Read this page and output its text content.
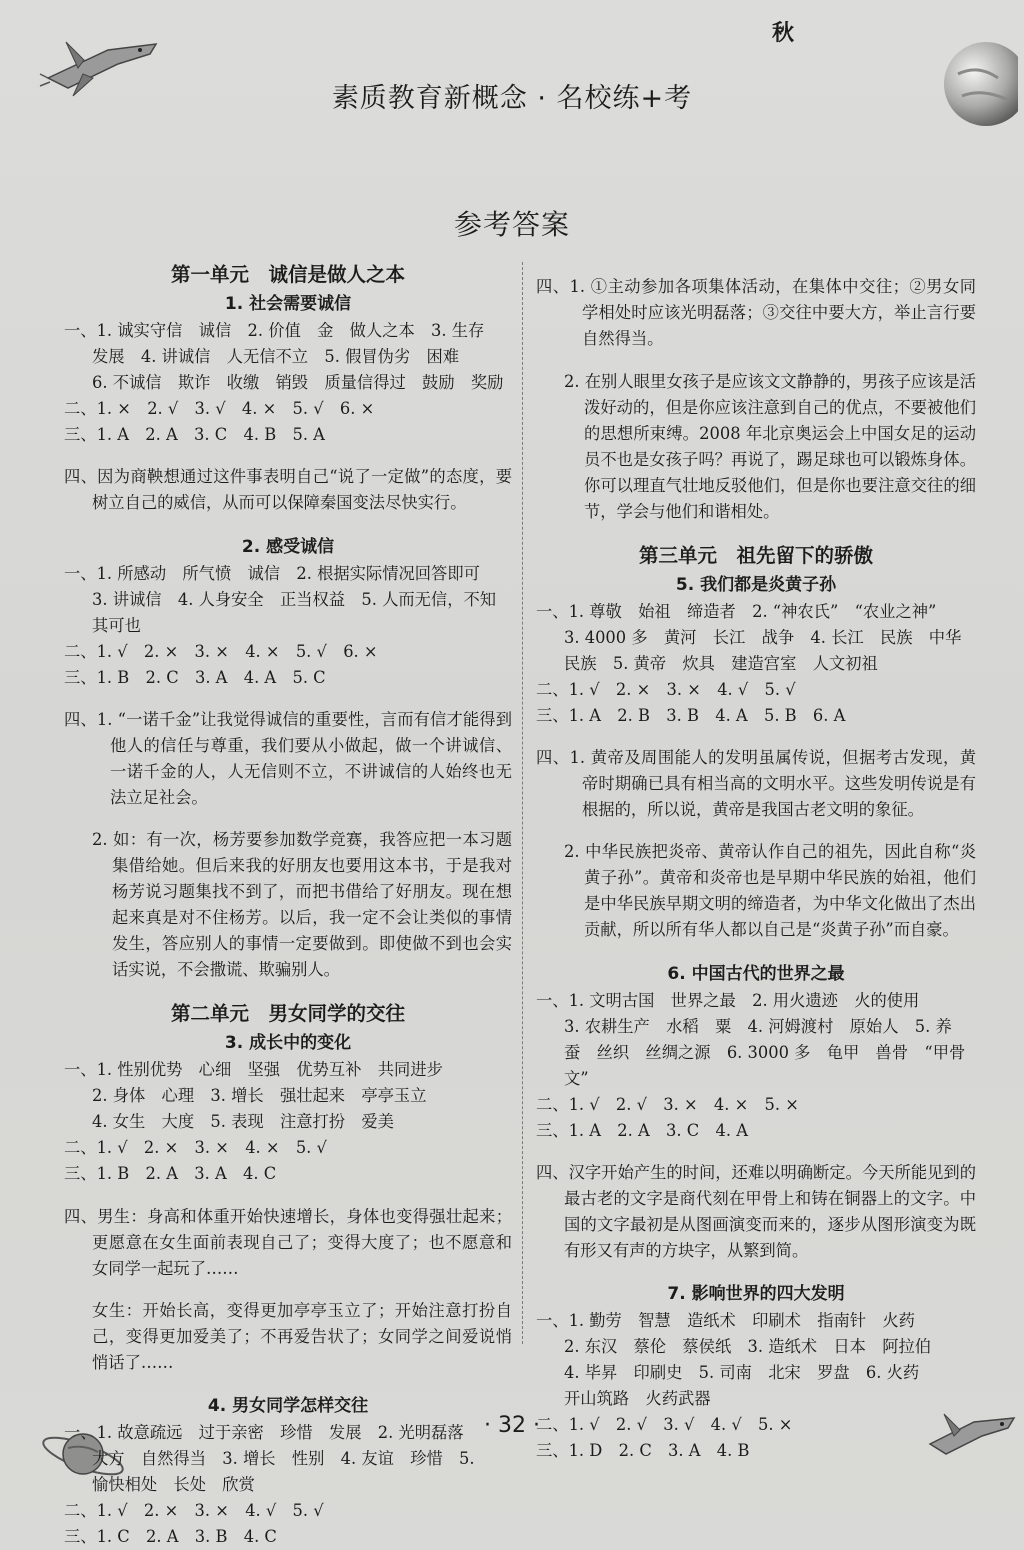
秋
素质教育新概念 · 名校练+考
参考答案

第一单元　诚信是做人之本

1. 社会需要诚信

一、1. 诚实守信　诚信　2. 价值　金　做人之本　3. 生存

发展　4. 讲诚信　人无信不立　5. 假冒伪劣　困难

6. 不诚信　欺诈　收缴　销毁　质量信得过　鼓励　奖励

二、1. ×　2. √　3. √　4. ×　5. √　6. ×

三、1. A　2. A　3. C　4. B　5. A

四、因为商鞅想通过这件事表明自己“说了一定做”的态度，要树立自己的威信，从而可以保障秦国变法尽快实行。

2. 感受诚信

一、1. 所感动　所气愤　诚信　2. 根据实际情况回答即可

3. 讲诚信　4. 人身安全　正当权益　5. 人而无信，不知

其可也

二、1. √　2. ×　3. ×　4. ×　5. √　6. ×

三、1. B　2. C　3. A　4. A　5. C

四、1. “一诺千金”让我觉得诚信的重要性，言而有信才能得到他人的信任与尊重，我们要从小做起，做一个讲诚信、一诺千金的人，人无信则不立，不讲诚信的人始终也无法立足社会。

2. 如：有一次，杨芳要参加数学竞赛，我答应把一本习题集借给她。但后来我的好朋友也要用这本书，于是我对杨芳说习题集找不到了，而把书借给了好朋友。现在想起来真是对不住杨芳。以后，我一定不会让类似的事情发生，答应别人的事情一定要做到。即使做不到也会实话实说，不会撒谎、欺骗别人。

第二单元　男女同学的交往

3. 成长中的变化

一、1. 性别优势　心细　坚强　优势互补　共同进步

2. 身体　心理　3. 增长　强壮起来　亭亭玉立

4. 女生　大度　5. 表现　注意打扮　爱美

二、1. √　2. ×　3. ×　4. ×　5. √

三、1. B　2. A　3. A　4. C

四、男生：身高和体重开始快速增长，身体也变得强壮起来；更愿意在女生面前表现自己了；变得大度了；也不愿意和女同学一起玩了……

女生：开始长高，变得更加亭亭玉立了；开始注意打扮自己，变得更加爱美了；不再爱告状了；女同学之间爱说悄悄话了……

4. 男女同学怎样交往

一、1. 故意疏远　过于亲密　珍惜　发展　2. 光明磊落

大方　自然得当　3. 增长　性别　4. 友谊　珍惜　5.

愉快相处　长处　欣赏

二、1. √　2. ×　3. ×　4. √　5. √

三、1. C　2. A　3. B　4. C

四、1. ①主动参加各项集体活动，在集体中交往；②男女同学相处时应该光明磊落；③交往中要大方，举止言行要自然得当。

2. 在别人眼里女孩子是应该文文静静的，男孩子应该是活泼好动的，但是你应该注意到自己的优点，不要被他们的思想所束缚。2008 年北京奥运会上中国女足的运动员不也是女孩子吗？再说了，踢足球也可以锻炼身体。你可以理直气壮地反驳他们，但是你也要注意交往的细节，学会与他们和谐相处。

第三单元　祖先留下的骄傲

5. 我们都是炎黄子孙

一、1. 尊敬　始祖　缔造者　2. “神农氏”　“农业之神”

3. 4000 多　黄河　长江　战争　4. 长江　民族　中华

民族　5. 黄帝　炊具　建造宫室　人文初祖

二、1. √　2. ×　3. ×　4. √　5. √

三、1. A　2. B　3. B　4. A　5. B　6. A

四、1. 黄帝及周围能人的发明虽属传说，但据考古发现，黄帝时期确已具有相当高的文明水平。这些发明传说是有根据的，所以说，黄帝是我国古老文明的象征。

2. 中华民族把炎帝、黄帝认作自己的祖先，因此自称“炎黄子孙”。黄帝和炎帝也是早期中华民族的始祖，他们是中华民族早期文明的缔造者，为中华文化做出了杰出贡献，所以所有华人都以自己是“炎黄子孙”而自豪。

6. 中国古代的世界之最

一、1. 文明古国　世界之最　2. 用火遗迹　火的使用

3. 农耕生产　水稻　粟　4. 河姆渡村　原始人　5. 养

蚕　丝织　丝绸之源　6. 3000 多　龟甲　兽骨　“甲骨

文”

二、1. √　2. √　3. ×　4. ×　5. ×

三、1. A　2. A　3. C　4. A

四、汉字开始产生的时间，还难以明确断定。今天所能见到的最古老的文字是商代刻在甲骨上和铸在铜器上的文字。中国的文字最初是从图画演变而来的，逐步从图形演变为既有形又有声的方块字，从繁到简。

7. 影响世界的四大发明

一、1. 勤劳　智慧　造纸术　印刷术　指南针　火药

2. 东汉　蔡伦　蔡侯纸　3. 造纸术　日本　阿拉伯

4. 毕昇　印刷史　5. 司南　北宋　罗盘　6. 火药

开山筑路　火药武器

二、1. √　2. √　3. √　4. √　5. ×

三、1. D　2. C　3. A　4. B

· 32 ·
